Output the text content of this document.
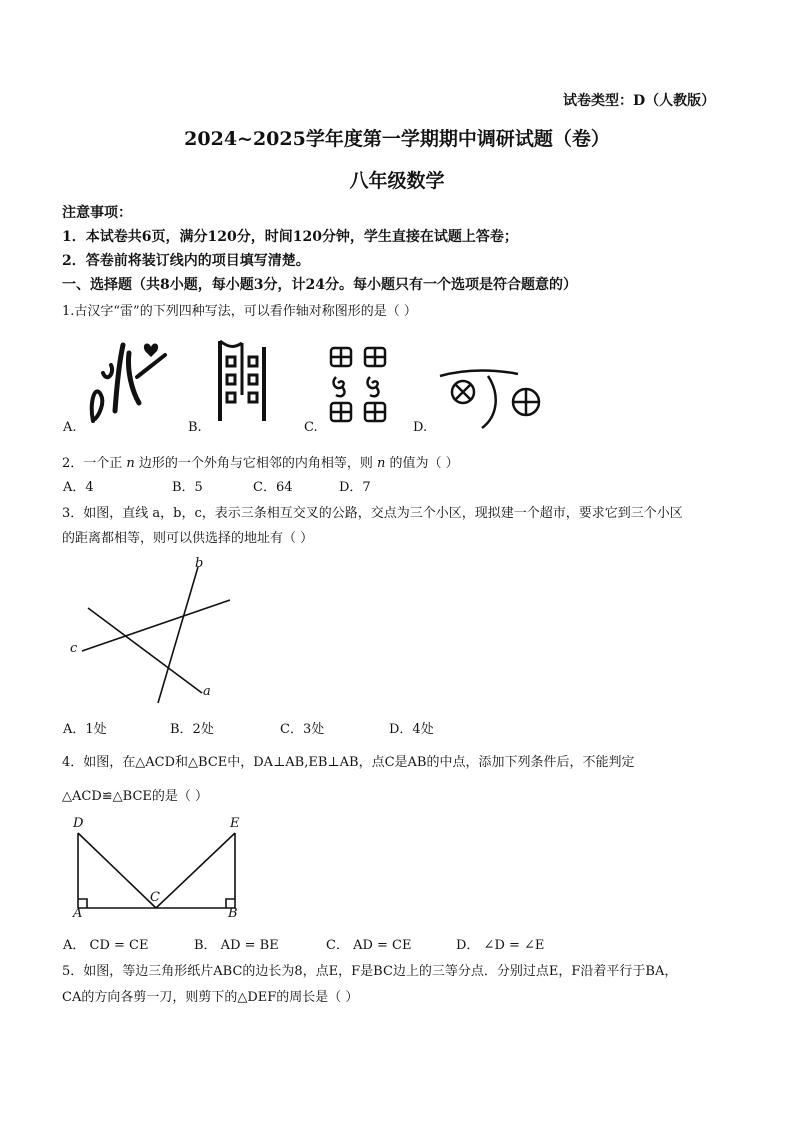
试卷类型：D（人教版）
2024~2025学年度第一学期期中调研试题（卷）
八年级数学
注意事项：
1．本试卷共6页，满分120分，时间120分钟，学生直接在试题上答卷；
2．答卷前将装订线内的项目填写清楚。
一、选择题（共8小题，每小题3分，计24分。每小题只有一个选项是符合题意的）
1.古汉字“雷”的下列四种写法，可以看作轴对称图形的是（ ）
A.	B.	C.	D.
2．一个正 n 边形的一个外角与它相邻的内角相等，则 n 的值为（ ）
A．4	B．5	C．64	D．7
3．如图，直线 a，b，c，表示三条相互交叉的公路，交点为三个小区，现拟建一个超市，要求它到三个小区
的距离都相等，则可以供选择的地址有（ ）
b
c
a
A．1处	B．2处	C．3处	D．4处
4．如图，在△ACD和△BCE中，DA⊥AB,EB⊥AB，点C是AB的中点，添加下列条件后，不能判定
△ACD≌△BCE的是（ ）
D	E
C
A	B
A． CD = CE	B． AD = BE	C． AD = CE	D． ∠D = ∠E
5．如图，等边三角形纸片ABC的边长为8，点E，F是BC边上的三等分点．分别过点E，F沿着平行于BA，
CA的方向各剪一刀，则剪下的△DEF的周长是（ ）
